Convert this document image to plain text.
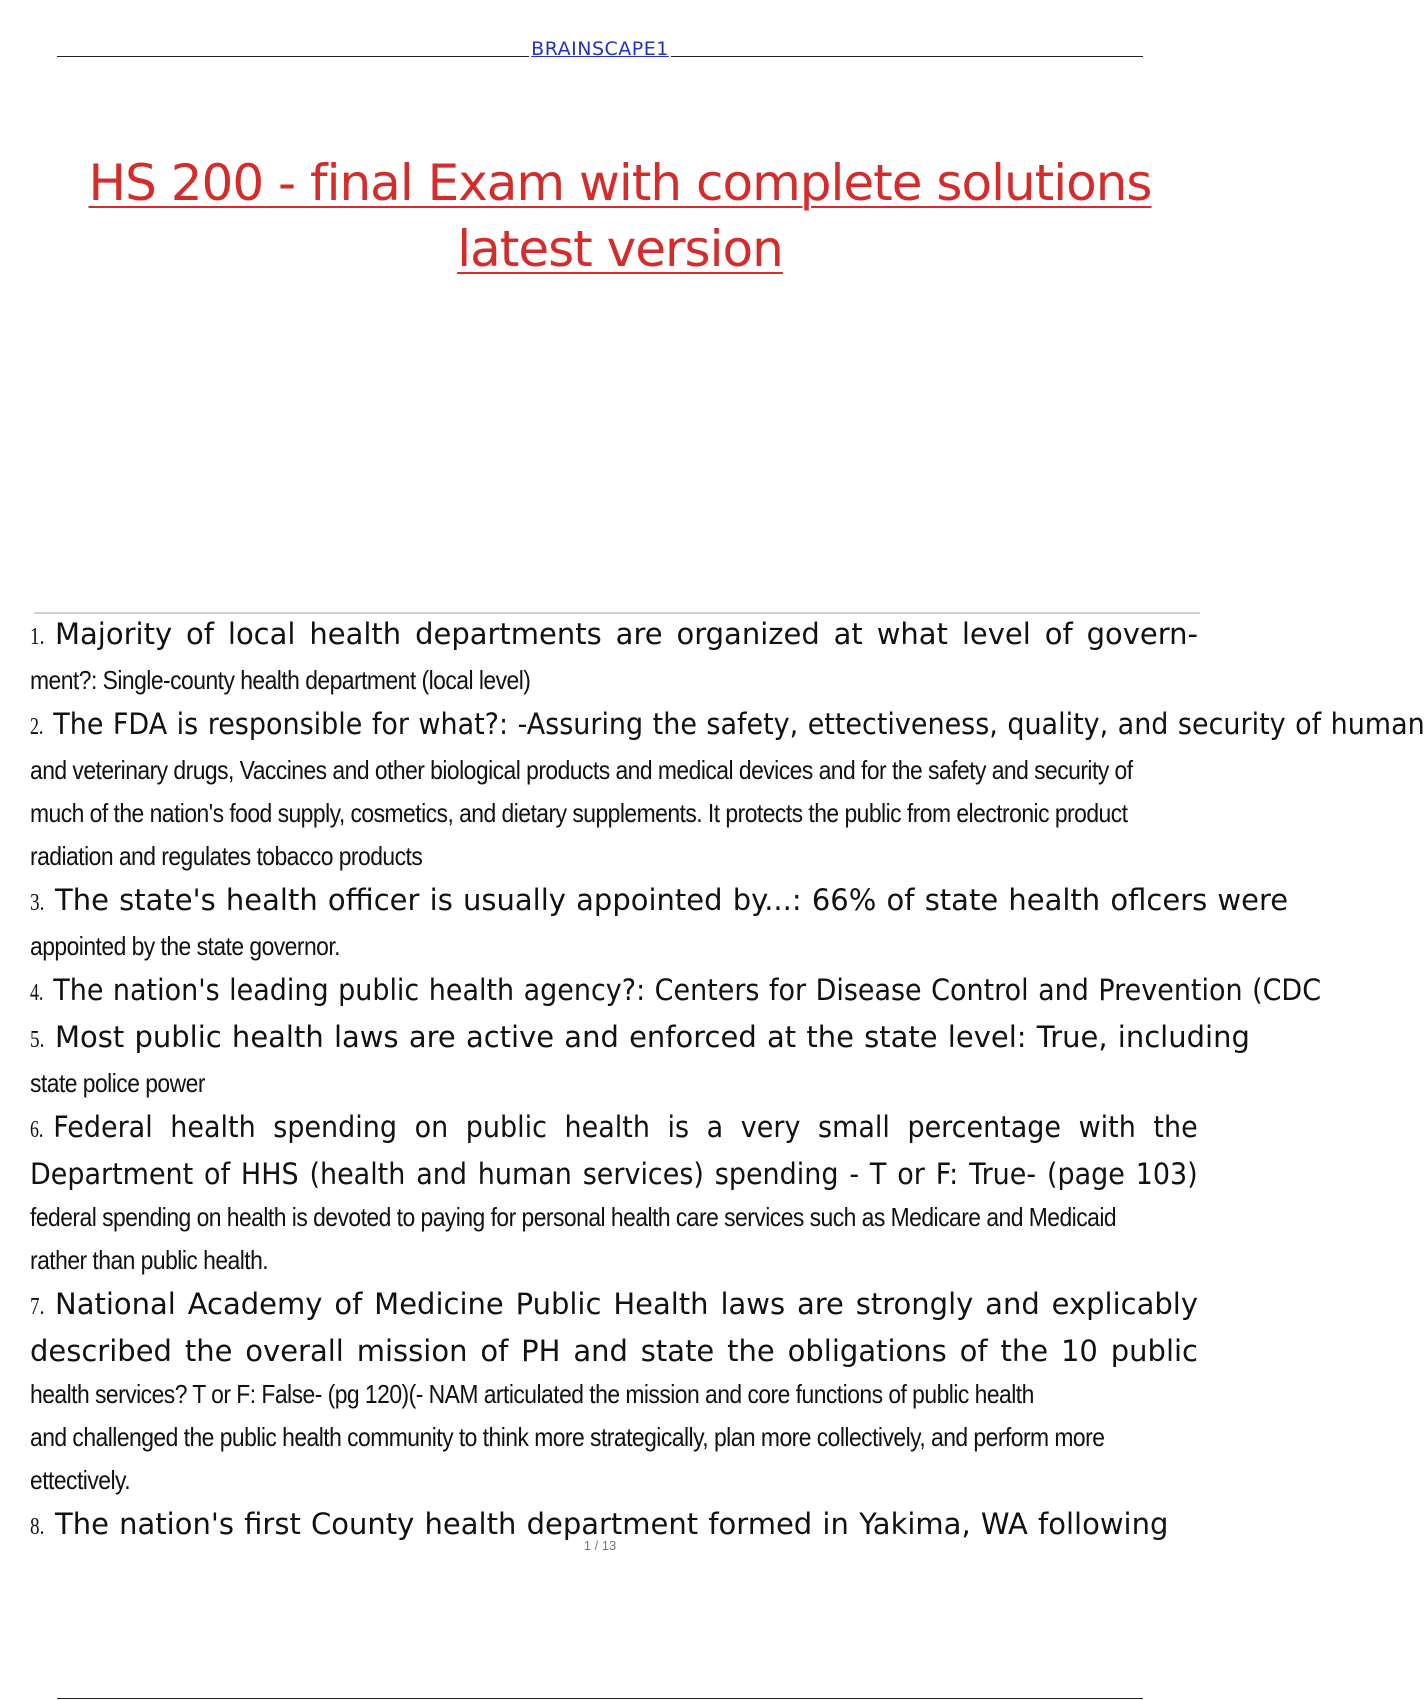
BRAINSCAPE1
HS 200 - final Exam with complete solutions latest version
1. Majority of local health departments are organized at what level of govern-
ment?: Single-county health department (local level)
2. The FDA is responsible for what?: -Assuring the safety, ettectiveness, quality, and security of human
and veterinary drugs, Vaccines and other biological products and medical devices and for the safety and security of
much of the nation's food supply, cosmetics, and dietary supplements. It protects the public from electronic product
radiation and regulates tobacco products
3. The state's health officer is usually appointed by...: 66% of state health oflcers were
appointed by the state governor.
4. The nation's leading public health agency?: Centers for Disease Control and Prevention (CDC
5. Most public health laws are active and enforced at the state level: True, including
state police power
6. Federal health spending on public health is a very small percentage with the
Department of HHS (health and human services) spending - T or F: True- (page 103)
federal spending on health is devoted to paying for personal health care services such as Medicare and Medicaid
rather than public health.
7. National Academy of Medicine Public Health laws are strongly and explicably
described the overall mission of PH and state the obligations of the 10 public
health services? T or F: False- (pg 120)(- NAM articulated the mission and core functions of public health
and challenged the public health community to think more strategically, plan more collectively, and perform more
ettectively.
8. The nation's first County health department formed in Yakima, WA following
1 / 13
